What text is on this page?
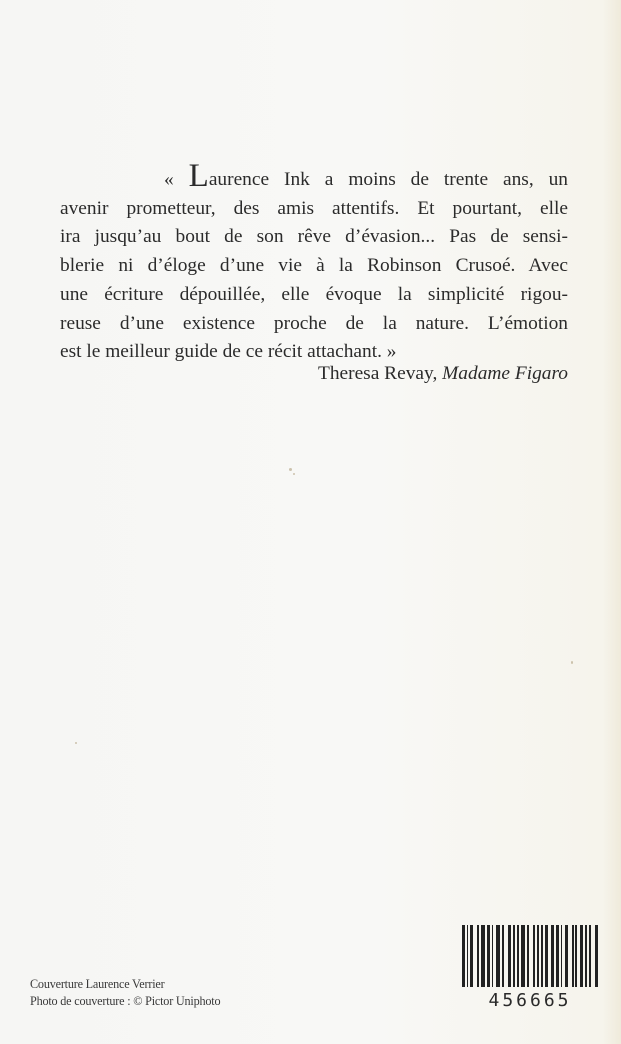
« Laurence Ink a moins de trente ans, un
avenir prometteur, des amis attentifs. Et pourtant, elle
ira jusqu’au bout de son rêve d’évasion... Pas de sensi-
blerie ni d’éloge d’une vie à la Robinson Crusoé. Avec
une écriture dépouillée, elle évoque la simplicité rigou-
reuse d’une existence proche de la nature. L’émotion
est le meilleur guide de ce récit attachant. »
Theresa Revay, Madame Figaro
Couverture Laurence Verrier
Photo de couverture : © Pictor Uniphoto	456665
